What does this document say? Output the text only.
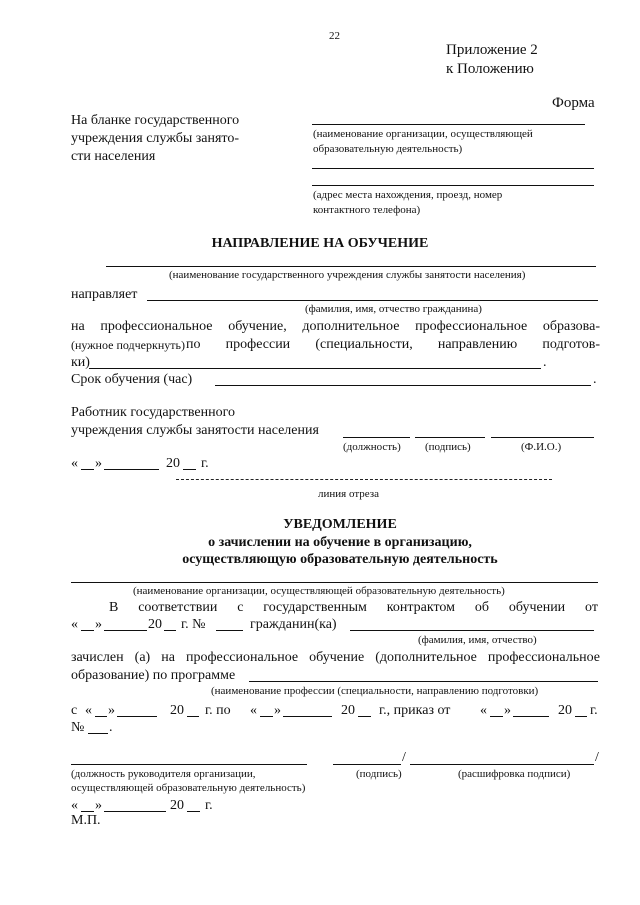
22
Приложение 2
к Положению
Форма
На бланке государственного
учреждения службы занято-
сти населения
(наименование организации, осуществляющей
образовательную деятельность)
(адрес места нахождения, проезд, номер
контактного телефона)
НАПРАВЛЕНИЕ НА ОБУЧЕНИЕ
(наименование государственного учреждения службы занятости населения)
направляет
(фамилия, имя, отчество гражданина)
на профессиональное обучение, дополнительное профессиональное образова-
(нужное подчеркнуть) по профессии (специальности, направлению подготов-
ки)	.
Срок обучения (час)	.
Работник государственного
учреждения службы занятости населения
(должность) (подпись)	(Ф.И.О.)
« »	20 г.
линия отреза
УВЕДОМЛЕНИЕ
о зачислении на обучение в организацию,
осуществляющую образовательную деятельность
(наименование организации, осуществляющей образовательную деятельность)
В соответствии с государственным контрактом об обучении от
« »	20 г. №	гражданин(ка)
(фамилия, имя, отчество)
зачислен (а) на профессиональное обучение (дополнительное профессиональное
образование) по программе
(наименование профессии (специальности, направлению подготовки)
с « »	20 г. по « »	20 г., приказ от « »	20 г.
№ .
/	/
(должность руководителя организации,	(подпись)	(расшифровка подписи)
осуществляющей образовательную деятельность)
« »	20 г.
М.П.
